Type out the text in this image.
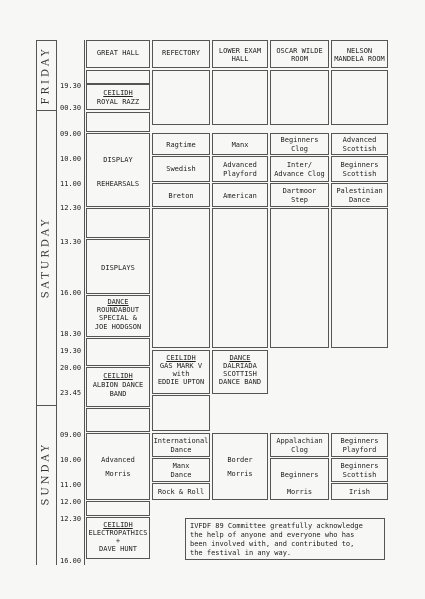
FRIDAY
SATURDAY
SUNDAY
19.30
00.30
09.00
10.00
11.00
12.30
13.30
16.00
18.30
19.30
20.00
23.45
09.00
10.00
11.00
12.00
12.30
16.00
GREAT HALL	REFECTORY	LOWER EXAM
HALL
OSCAR WILDE
ROOM
NELSON
MANDELA ROOM
CEILIDH
ROYAL RAZZ
DISPLAY
REHEARSALS
DISPLAYS
DANCE
ROUNDABOUT
SPECIAL &
JOE HODGSON
CEILIDH
ALBION DANCE
BAND
Ragtime
Swedish
Breton
CEILIDH
GAS MARK V
with
EDDIE UPTON
Manx
Advanced
Playford
American
DANCE
DALRIADA
SCOTTISH
DANCE BAND
Beginners
Clog
Inter/
Advance Clog
Dartmoor
Step
Advanced
Scottish
Beginners
Scottish
Palestinian
Dance
Advanced
Morris
International
Dance
Manx
Dance
Rock & Roll
Border
Morris
Appalachian
Clog
Beginners
Morris
Beginners
Playford
Beginners
Scottish
Irish
CEILIDH
ELECTROPATHICS
+
DAVE HUNT
IVFDF 89 Committee greatfully acknowledge
the help of anyone and everyone who has
been involved with, and contributed to,
the festival in any way.
